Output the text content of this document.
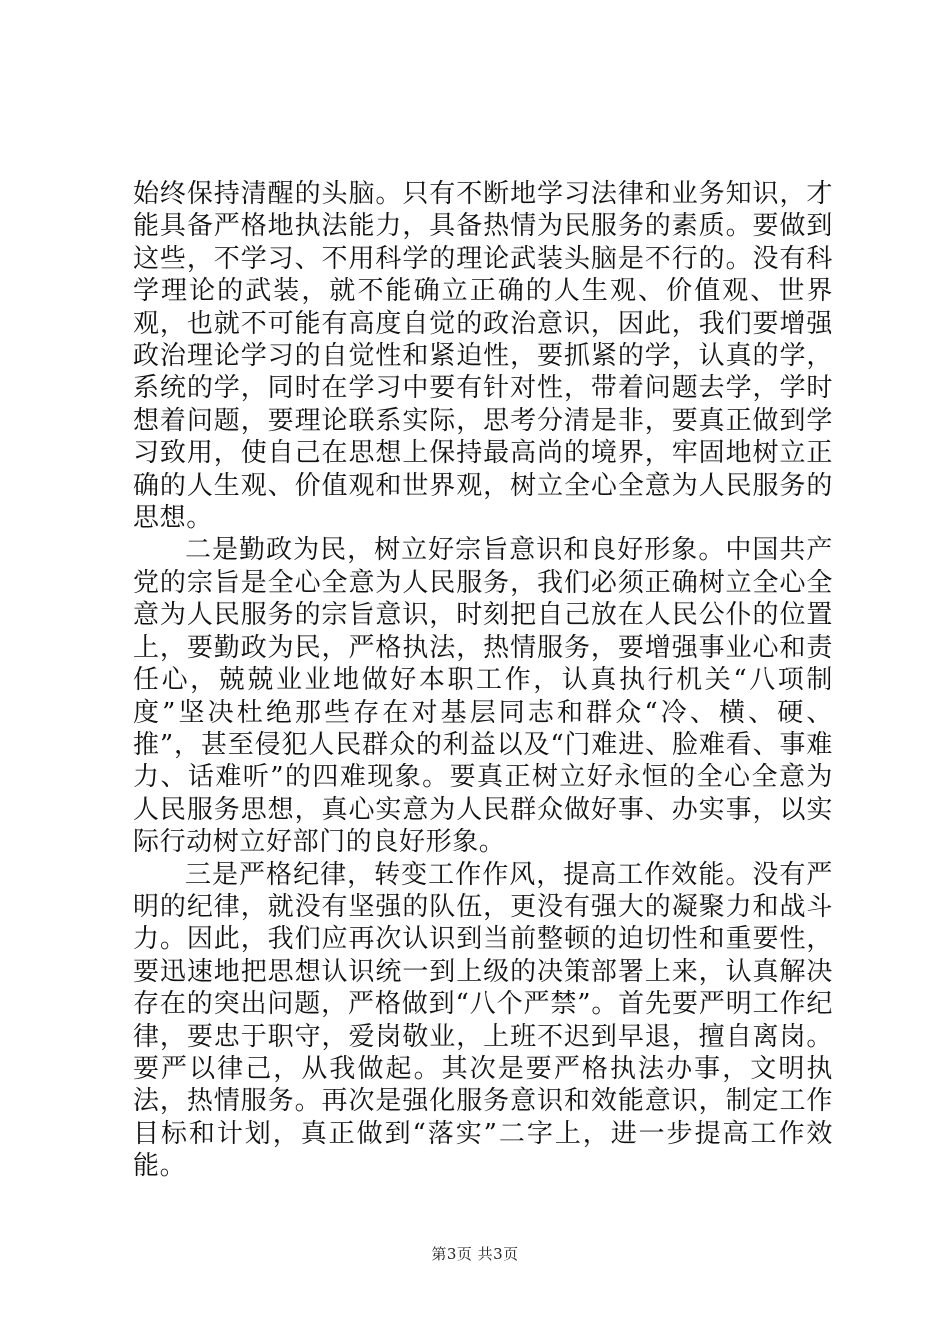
始终保持清醒的头脑。只有不断地学习法律和业务知识，才能具备严格地执法能力，具备热情为民服务的素质。要做到这些，不学习、不用科学的理论武装头脑是不行的。没有科学理论的武装，就不能确立正确的人生观、价值观、世界观，也就不可能有高度自觉的政治意识，因此，我们要增强政治理论学习的自觉性和紧迫性，要抓紧的学，认真的学，系统的学，同时在学习中要有针对性，带着问题去学，学时想着问题，要理论联系实际，思考分清是非，要真正做到学习致用，使自己在思想上保持最高尚的境界，牢固地树立正确的人生观、价值观和世界观，树立全心全意为人民服务的思想。

二是勤政为民，树立好宗旨意识和良好形象。中国共产党的宗旨是全心全意为人民服务，我们必须正确树立全心全意为人民服务的宗旨意识，时刻把自己放在人民公仆的位置上，要勤政为民，严格执法，热情服务，要增强事业心和责任心，兢兢业业地做好本职工作，认真执行机关“八项制度”坚决杜绝那些存在对基层同志和群众“冷、横、硬、推”，甚至侵犯人民群众的利益以及“门难进、脸难看、事难力、话难听”的四难现象。要真正树立好永恒的全心全意为人民服务思想，真心实意为人民群众做好事、办实事，以实际行动树立好部门的良好形象。

三是严格纪律，转变工作作风，提高工作效能。没有严明的纪律，就没有坚强的队伍，更没有强大的凝聚力和战斗力。因此，我们应再次认识到当前整顿的迫切性和重要性，要迅速地把思想认识统一到上级的决策部署上来，认真解决存在的突出问题，严格做到“八个严禁”。首先要严明工作纪律，要忠于职守，爱岗敬业，上班不迟到早退，擅自离岗。要严以律己，从我做起。其次是要严格执法办事，文明执法，热情服务。再次是强化服务意识和效能意识，制定工作目标和计划，真正做到“落实”二字上，进一步提高工作效能。

第3页 共3页
